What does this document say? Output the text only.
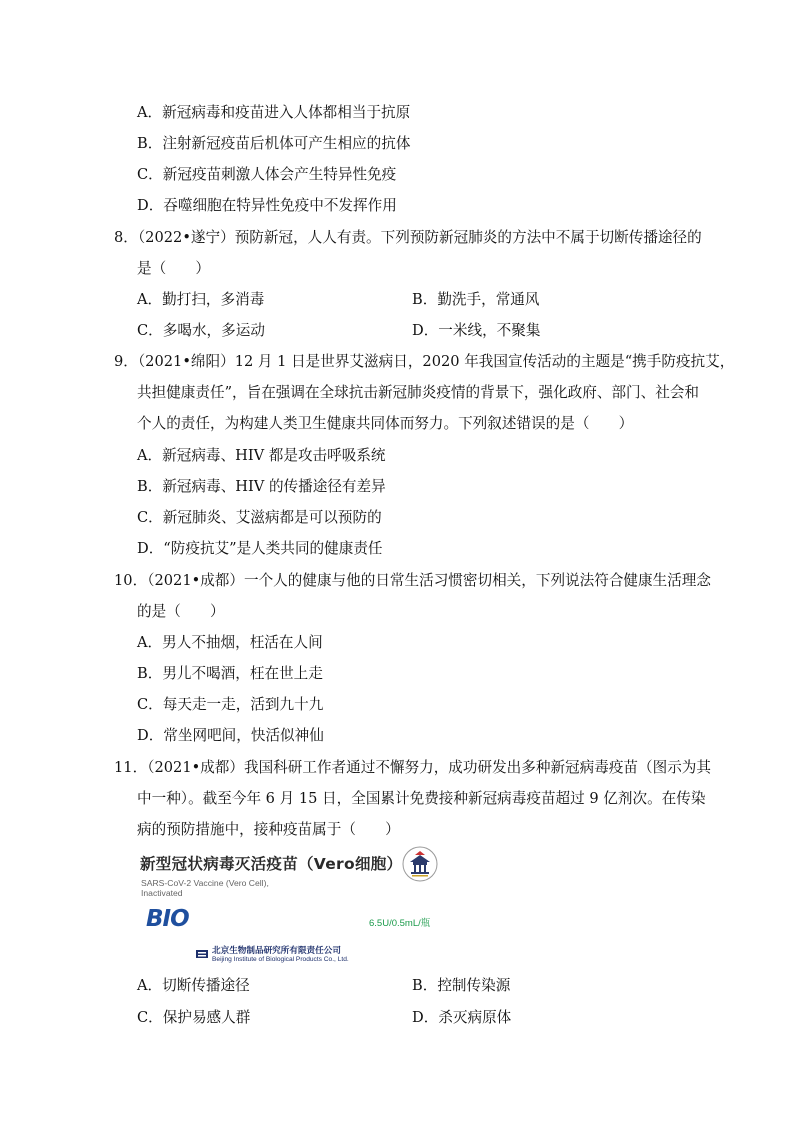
A．新冠病毒和疫苗进入人体都相当于抗原
B．注射新冠疫苗后机体可产生相应的抗体
C．新冠疫苗刺激人体会产生特异性免疫
D．吞噬细胞在特异性免疫中不发挥作用
8．（2022•遂宁）预防新冠，人人有责。下列预防新冠肺炎的方法中不属于切断传播途径的
是（　　）
A．勤打扫，多消毒	B．勤洗手，常通风
C．多喝水，多运动	D．一米线，不聚集
9．（2021•绵阳）12 月 1 日是世界艾滋病日，2020 年我国宣传活动的主题是“携手防疫抗艾，
共担健康责任”，旨在强调在全球抗击新冠肺炎疫情的背景下，强化政府、部门、社会和
个人的责任，为构建人类卫生健康共同体而努力。下列叙述错误的是（　　）
A．新冠病毒、HIV 都是攻击呼吸系统
B．新冠病毒、HIV 的传播途径有差异
C．新冠肺炎、艾滋病都是可以预防的
D．“防疫抗艾”是人类共同的健康责任
10．（2021•成都）一个人的健康与他的日常生活习惯密切相关，下列说法符合健康生活理念
的是（　　）
A．男人不抽烟，枉活在人间
B．男儿不喝酒，枉在世上走
C．每天走一走，活到九十九
D．常坐网吧间，快活似神仙
11．（2021•成都）我国科研工作者通过不懈努力，成功研发出多种新冠病毒疫苗（图示为其
中一种）。截至今年 6 月 15 日，全国累计免费接种新冠病毒疫苗超过 9 亿剂次。在传染
病的预防措施中，接种疫苗属于（　　）
新型冠状病毒灭活疫苗（Vero细胞）
SARS-CoV-2 Vaccine (Vero Cell),
Inactivated
BIO	6.5U/0.5mL/瓶
北京生物制品研究所有限责任公司
Beijing Institute of Biological Products Co., Ltd.
A．切断传播途径	B．控制传染源
C．保护易感人群	D．杀灭病原体
